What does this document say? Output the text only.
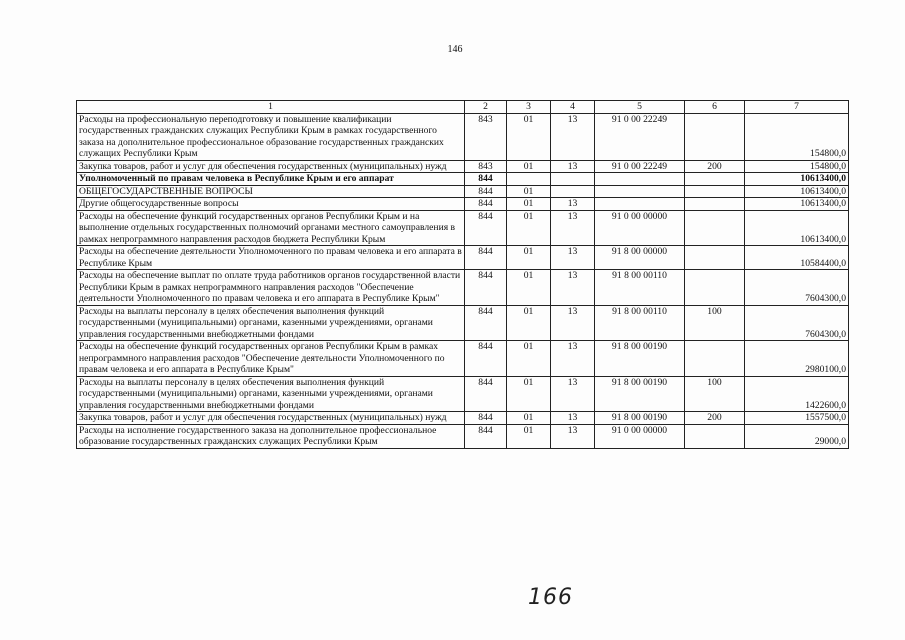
146
1	2	3	4	5	6	7
Расходы на профессиональную переподготовку и повышение квалификации государственных гражданских служащих Республики Крым в рамках государственного заказа на дополнительное профессиональное образование государственных гражданских служащих Республики Крым	843	01	13	91 0 00 22249		154800,0
Закупка товаров, работ и услуг для обеспечения государственных (муниципальных) нужд	843	01	13	91 0 00 22249	200	154800,0
Уполномоченный по правам человека в Республике Крым и его аппарат	844					10613400,0
ОБЩЕГОСУДАРСТВЕННЫЕ ВОПРОСЫ	844	01				10613400,0
Другие общегосударственные вопросы	844	01	13			10613400,0
Расходы на обеспечение функций государственных органов Республики Крым и на выполнение отдельных государственных полномочий органами местного самоуправления в рамках непрограммного направления расходов бюджета Республики Крым	844	01	13	91 0 00 00000		10613400,0
Расходы на обеспечение деятельности Уполномоченного по правам человека и его аппарата в Республике Крым	844	01	13	91 8 00 00000		10584400,0
Расходы на обеспечение выплат по оплате труда работников органов государственной власти Республики Крым в рамках непрограммного направления расходов "Обеспечение деятельности Уполномоченного по правам человека и его аппарата в Республике Крым"	844	01	13	91 8 00 00110		7604300,0
Расходы на выплаты персоналу в целях обеспечения выполнения функций государственными (муниципальными) органами, казенными учреждениями, органами управления государственными внебюджетными фондами	844	01	13	91 8 00 00110	100	7604300,0
Расходы на обеспечение функций государственных органов Республики Крым в рамках непрограммного направления расходов "Обеспечение деятельности Уполномоченного по правам человека и его аппарата в Республике Крым"	844	01	13	91 8 00 00190		2980100,0
Расходы на выплаты персоналу в целях обеспечения выполнения функций государственными (муниципальными) органами, казенными учреждениями, органами управления государственными внебюджетными фондами	844	01	13	91 8 00 00190	100	1422600,0
Закупка товаров, работ и услуг для обеспечения государственных (муниципальных) нужд	844	01	13	91 8 00 00190	200	1557500,0
Расходы на исполнение государственного заказа на дополнительное профессиональное образование государственных гражданских служащих Республики Крым	844	01	13	91 0 00 00000		29000,0
166
